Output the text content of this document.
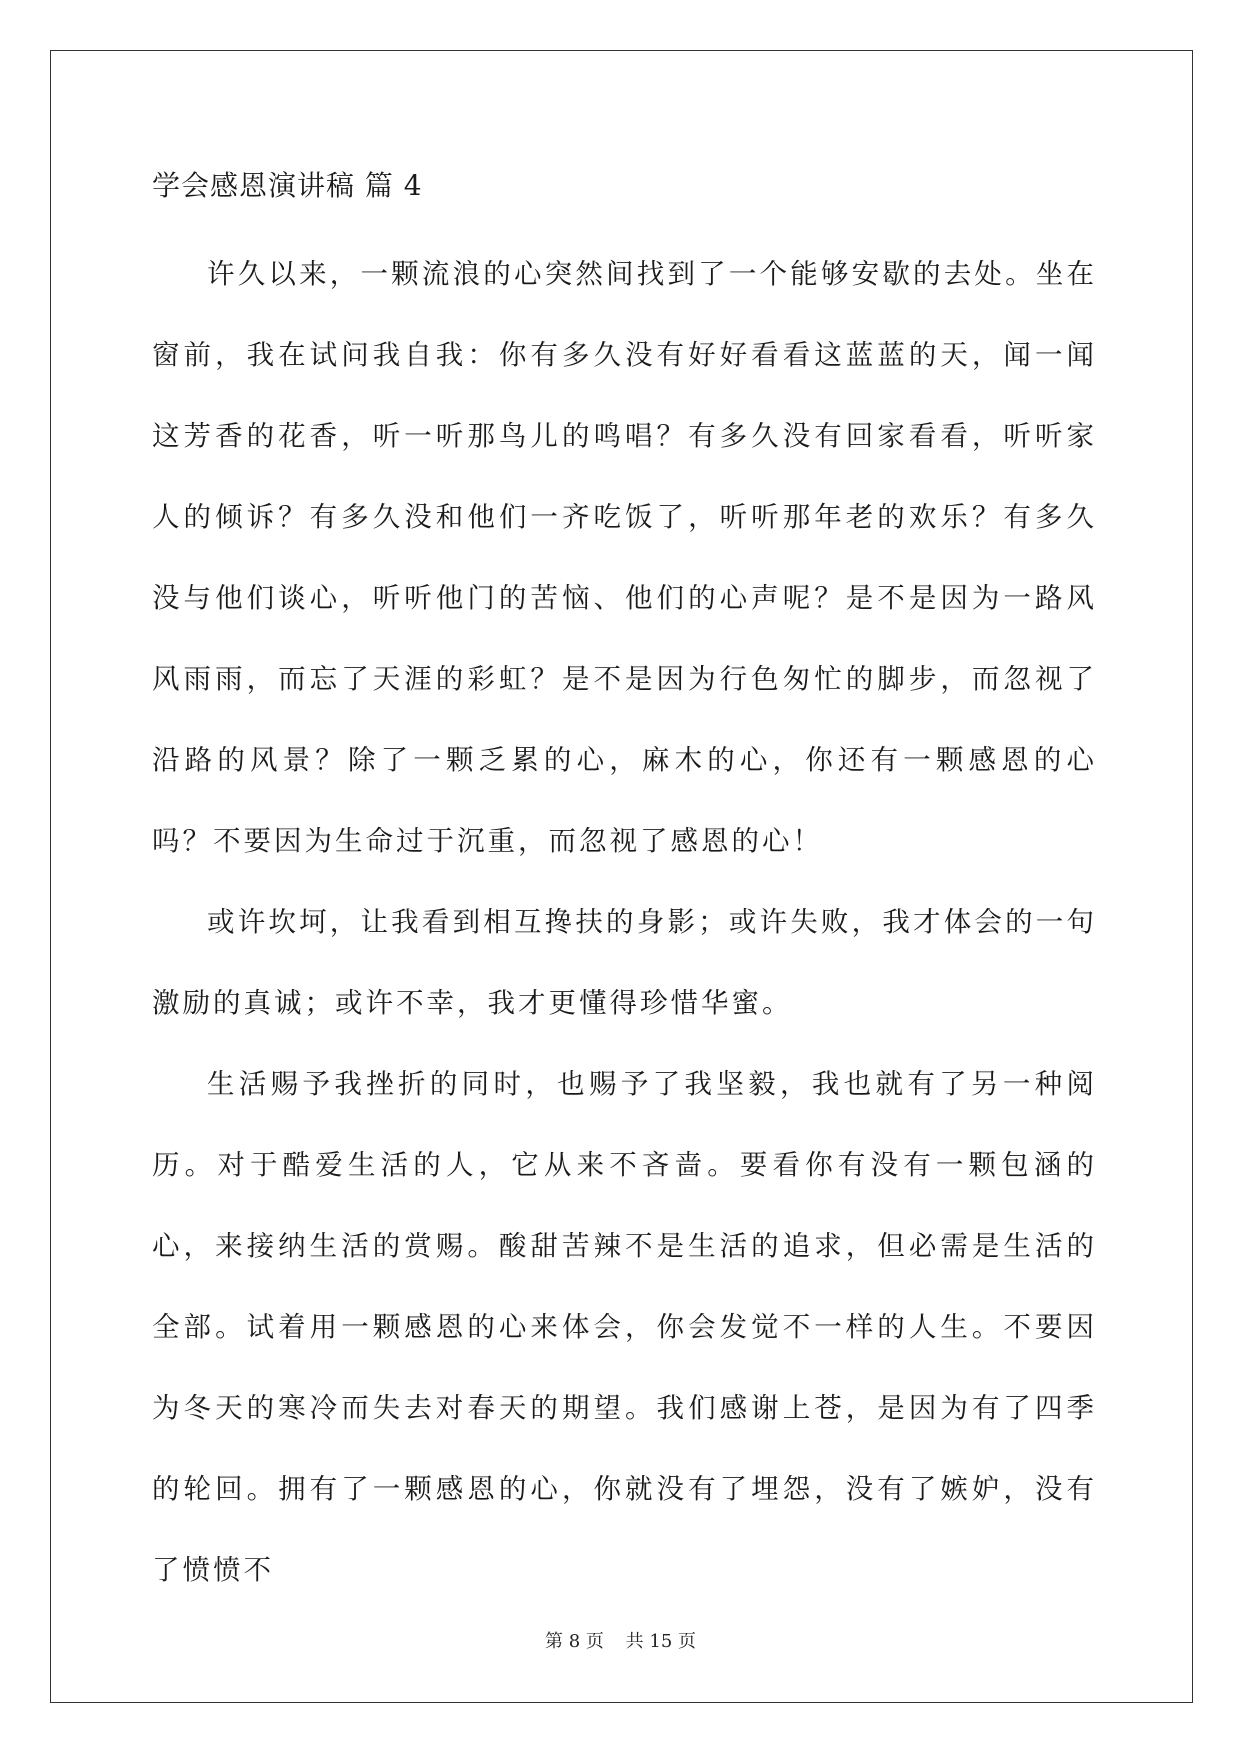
学会感恩演讲稿 篇 4

许久以来，一颗流浪的心突然间找到了一个能够安歇的去处。坐在窗前，我在试问我自我：你有多久没有好好看看这蓝蓝的天，闻一闻这芳香的花香，听一听那鸟儿的鸣唱？有多久没有回家看看，听听家人的倾诉？有多久没和他们一齐吃饭了，听听那年老的欢乐？有多久没与他们谈心，听听他门的苦恼、他们的心声呢？是不是因为一路风风雨雨，而忘了天涯的彩虹？是不是因为行色匆忙的脚步，而忽视了沿路的风景？除了一颗乏累的心，麻木的心，你还有一颗感恩的心吗？不要因为生命过于沉重，而忽视了感恩的心！

或许坎坷，让我看到相互搀扶的身影；或许失败，我才体会的一句激励的真诚；或许不幸，我才更懂得珍惜华蜜。

生活赐予我挫折的同时，也赐予了我坚毅，我也就有了另一种阅历。对于酷爱生活的人，它从来不吝啬。要看你有没有一颗包涵的心，来接纳生活的赏赐。酸甜苦辣不是生活的追求，但必需是生活的全部。试着用一颗感恩的心来体会，你会发觉不一样的人生。不要因为冬天的寒冷而失去对春天的期望。我们感谢上苍，是因为有了四季的轮回。拥有了一颗感恩的心，你就没有了埋怨，没有了嫉妒，没有了愤愤不

第 8 页 共 15 页
